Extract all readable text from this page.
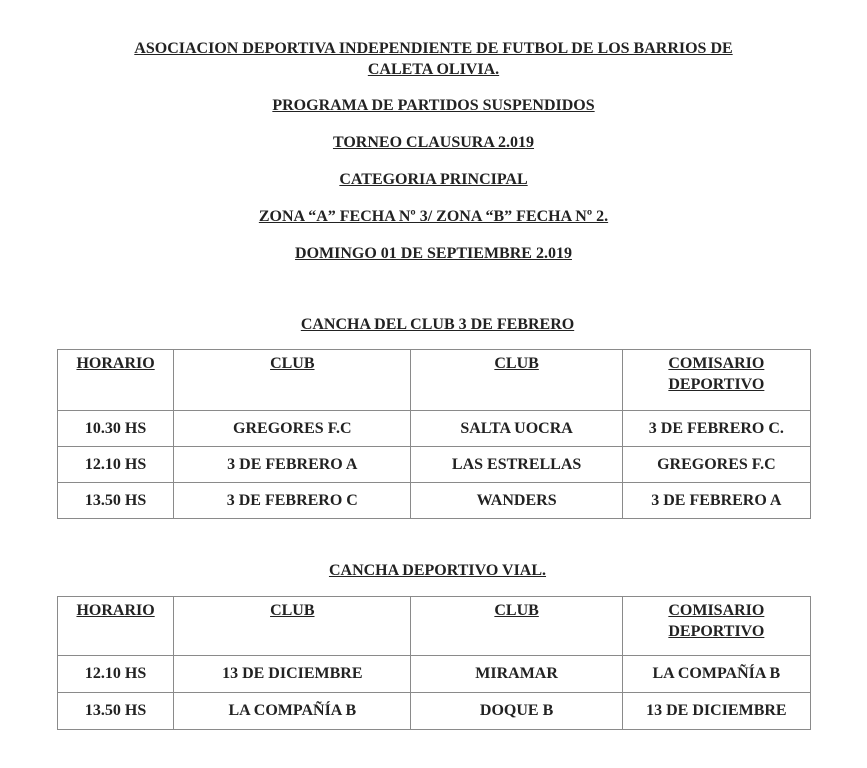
ASOCIACION DEPORTIVA INDEPENDIENTE DE FUTBOL DE LOS BARRIOS DE
CALETA OLIVIA.
PROGRAMA DE PARTIDOS SUSPENDIDOS
TORNEO CLAUSURA 2.019
CATEGORIA PRINCIPAL
ZONA “A” FECHA Nº 3/ ZONA “B” FECHA Nº 2.
DOMINGO 01 DE SEPTIEMBRE 2.019
CANCHA DEL CLUB 3 DE FEBRERO
HORARIO	CLUB	CLUB	COMISARIO
DEPORTIVO
10.30 HS	GREGORES F.C	SALTA UOCRA	3 DE FEBRERO C.
12.10 HS	3 DE FEBRERO A	LAS ESTRELLAS	GREGORES F.C
13.50 HS	3 DE FEBRERO C	WANDERS	3 DE FEBRERO A
CANCHA DEPORTIVO VIAL.
HORARIO	CLUB	CLUB	COMISARIO
DEPORTIVO
12.10 HS	13 DE DICIEMBRE	MIRAMAR	LA COMPAÑÍA B
13.50 HS	LA COMPAÑÍA B	DOQUE B	13 DE DICIEMBRE
